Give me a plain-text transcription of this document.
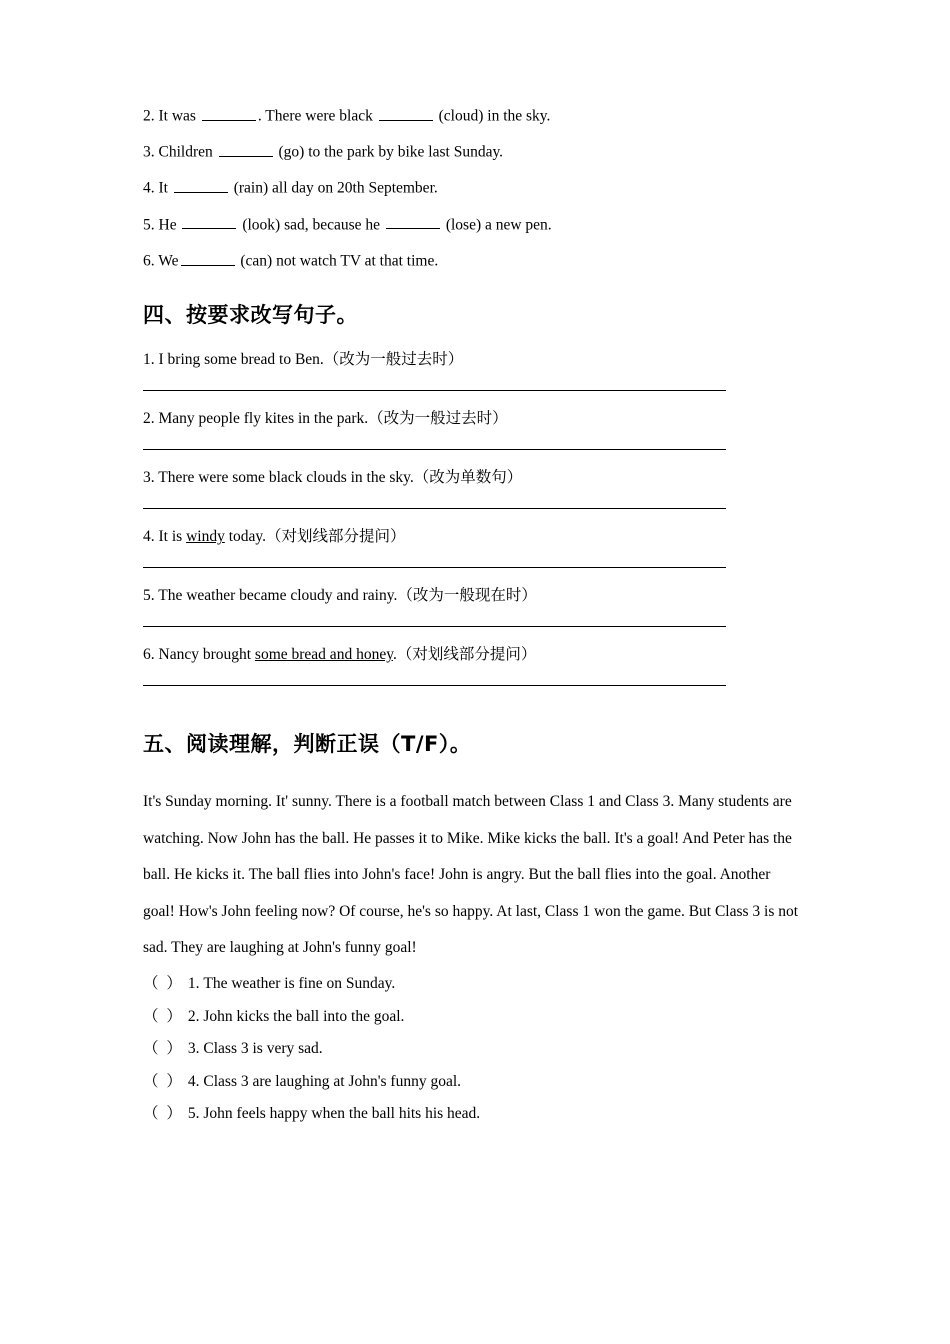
2. It was	. There were black	(cloud) in the sky.
3. Children	(go) to the park by bike last Sunday.
4. It	(rain) all day on 20th September.
5. He	(look) sad, because he	(lose) a new pen.
6. We	(can) not watch TV at that time.
四、按要求改写句子。
1. I bring some bread to Ben.（改为一般过去时）
2. Many people fly kites in the park.（改为一般过去时）
3. There were some black clouds in the sky.（改为单数句）
4. It is windy today.（对划线部分提问）
5. The weather became cloudy and rainy.（改为一般现在时）
6. Nancy brought some bread and honey.（对划线部分提问）
五、阅读理解，判断正误（T/F）。
It's Sunday morning. It' sunny. There is a football match between Class 1 and Class 3. Many students are watching. Now John has the ball. He passes it to Mike. Mike kicks the ball. It's a goal! And Peter has the ball. He kicks it. The ball flies into John's face! John is angry. But the ball flies into the goal. Another goal! How's John feeling now? Of course, he's so happy. At last, Class 1 won the game. But Class 3 is not sad. They are laughing at John's funny goal!
（ ） 1. The weather is fine on Sunday.
（ ） 2. John kicks the ball into the goal.
（ ） 3. Class 3 is very sad.
（ ） 4. Class 3 are laughing at John's funny goal.
（ ） 5. John feels happy when the ball hits his head.
